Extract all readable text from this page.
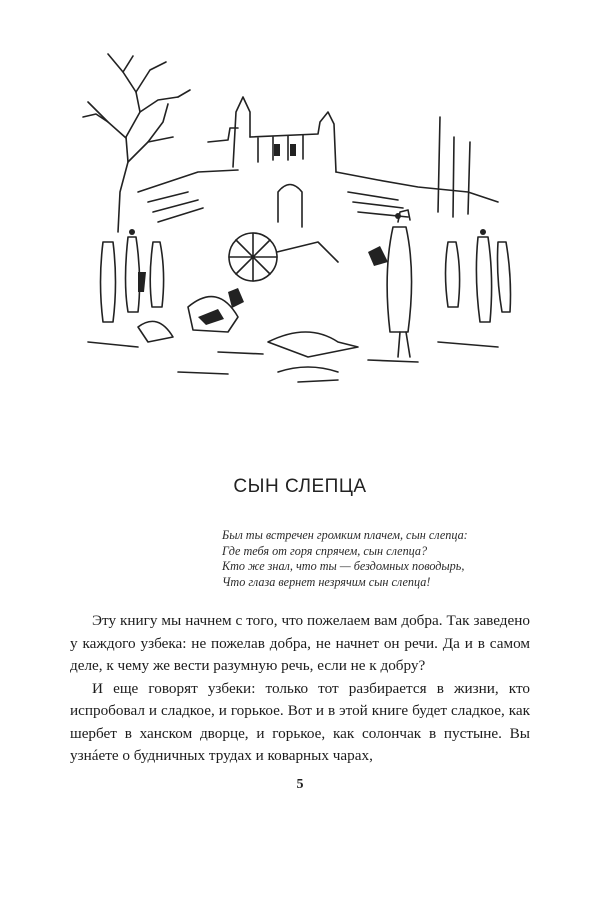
СЫН СЛЕПЦА
Был ты встречен громким плачем, сын слепца:
Где тебя от горя спрячем, сын слепца?
Кто же знал, что ты — бездомных поводырь,
Что глаза вернет незрячим сын слепца!

Эту книгу мы начнем с того, что пожелаем вам добра. Так заведено у каждого узбека: не пожелав добра, не начнет он речи. Да и в самом деле, к чему же вести разумную речь, если не к добру?

И еще говорят узбеки: только тот разбирается в жизни, кто испробовал и сладкое, и горькое. Вот и в этой книге будет сладкое, как шербет в ханском дворце, и горькое, как солончак в пустыне. Вы узнáете о будничных трудах и коварных чарах,

5
